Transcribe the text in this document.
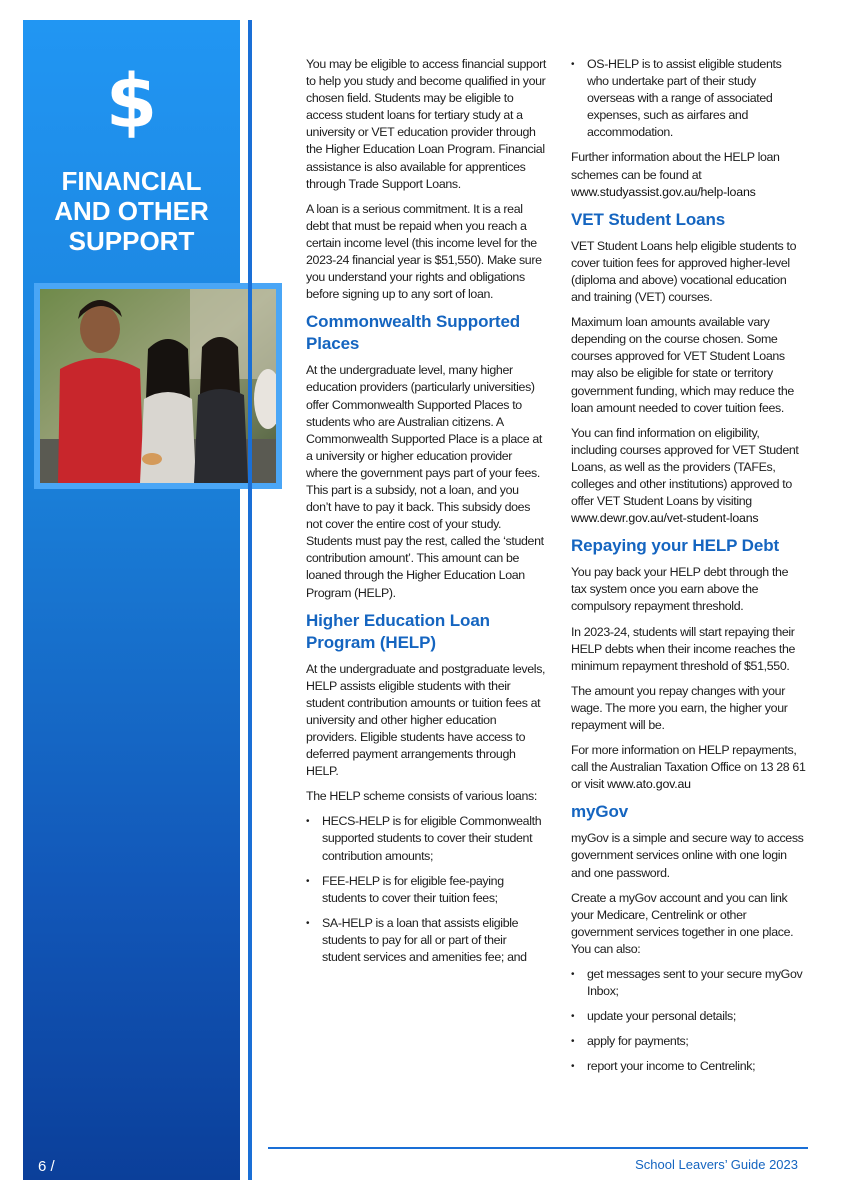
$
FINANCIAL
AND OTHER
SUPPORT
6 /

You may be eligible to access financial support to help you study and become qualified in your chosen field. Students may be eligible to access student loans for tertiary study at a university or VET education provider through the Higher Education Loan Program. Financial assistance is also available for apprentices through Trade Support Loans.

A loan is a serious commitment. It is a real debt that must be repaid when you reach a certain income level (this income level for the 2023-24 financial year is $51,550). Make sure you understand your rights and obligations before signing up to any sort of loan.

Commonwealth Supported Places

At the undergraduate level, many higher education providers (particularly universities) offer Commonwealth Supported Places to students who are Australian citizens. A Commonwealth Supported Place is a place at a university or higher education provider where the government pays part of your fees. This part is a subsidy, not a loan, and you don’t have to pay it back. This subsidy does not cover the entire cost of your study. Students must pay the rest, called the ‘student contribution amount’. This amount can be loaned through the Higher Education Loan Program (HELP).

Higher Education Loan Program (HELP)

At the undergraduate and postgraduate levels, HELP assists eligible students with their student contribution amounts or tuition fees at university and other higher education providers. Eligible students have access to deferred payment arrangements through HELP.

The HELP scheme consists of various loans:

• HECS-HELP is for eligible Commonwealth supported students to cover their student contribution amounts;
• FEE-HELP is for eligible fee-paying students to cover their tuition fees;
• SA-HELP is a loan that assists eligible students to pay for all or part of their student services and amenities fee; and
• OS-HELP is to assist eligible students who undertake part of their study overseas with a range of associated expenses, such as airfares and accommodation.

Further information about the HELP loan schemes can be found at www.studyassist.gov.au/help-loans

VET Student Loans

VET Student Loans help eligible students to cover tuition fees for approved higher-level (diploma and above) vocational education and training (VET) courses.

Maximum loan amounts available vary depending on the course chosen. Some courses approved for VET Student Loans may also be eligible for state or territory government funding, which may reduce the loan amount needed to cover tuition fees.

You can find information on eligibility, including courses approved for VET Student Loans, as well as the providers (TAFEs, colleges and other institutions) approved to offer VET Student Loans by visiting www.dewr.gov.au/vet-student-loans

Repaying your HELP Debt

You pay back your HELP debt through the tax system once you earn above the compulsory repayment threshold.

In 2023-24, students will start repaying their HELP debts when their income reaches the minimum repayment threshold of $51,550.

The amount you repay changes with your wage. The more you earn, the higher your repayment will be.

For more information on HELP repayments, call the Australian Taxation Office on 13 28 61 or visit www.ato.gov.au

myGov

myGov is a simple and secure way to access government services online with one login and one password.

Create a myGov account and you can link your Medicare, Centrelink or other government services together in one place. You can also:

• get messages sent to your secure myGov Inbox;
• update your personal details;
• apply for payments;
• report your income to Centrelink;
School Leavers’ Guide 2023
